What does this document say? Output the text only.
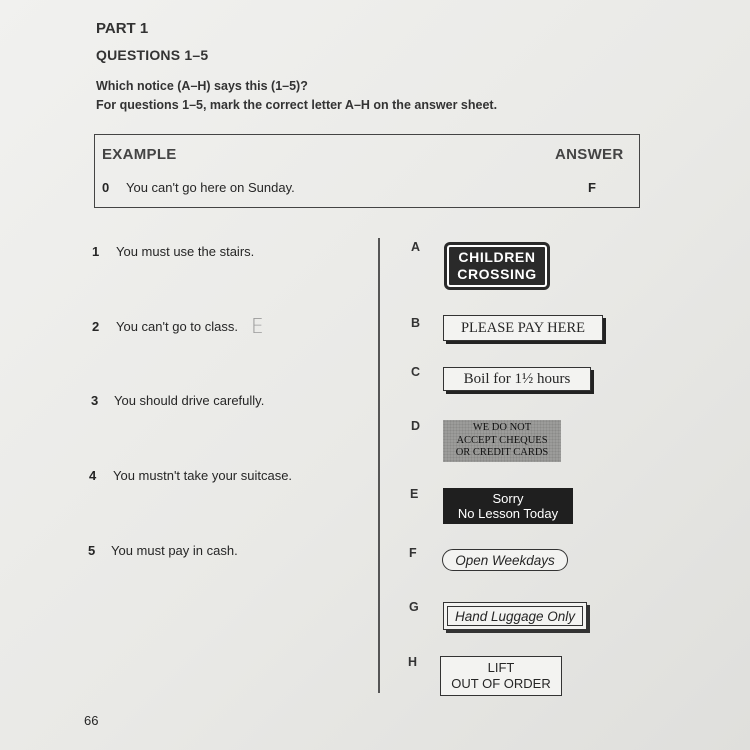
PART 1
QUESTIONS 1–5
Which notice (A–H) says this (1–5)?
For questions 1–5, mark the correct letter A–H on the answer sheet.
EXAMPLE	ANSWER
0 You can't go here on Sunday.	F
1 You must use the stairs.
2 You can't go to class. E
3 You should drive carefully.
4 You mustn't take your suitcase.
5 You must pay in cash.
A
B
C
D
E
F
G
H
CHILDREN
CROSSING
PLEASE PAY HERE
Boil for 1½ hours
WE DO NOT
ACCEPT CHEQUES
OR CREDIT CARDS
Sorry
No Lesson Today
Open Weekdays
Hand Luggage Only
LIFT
OUT OF ORDER
66
